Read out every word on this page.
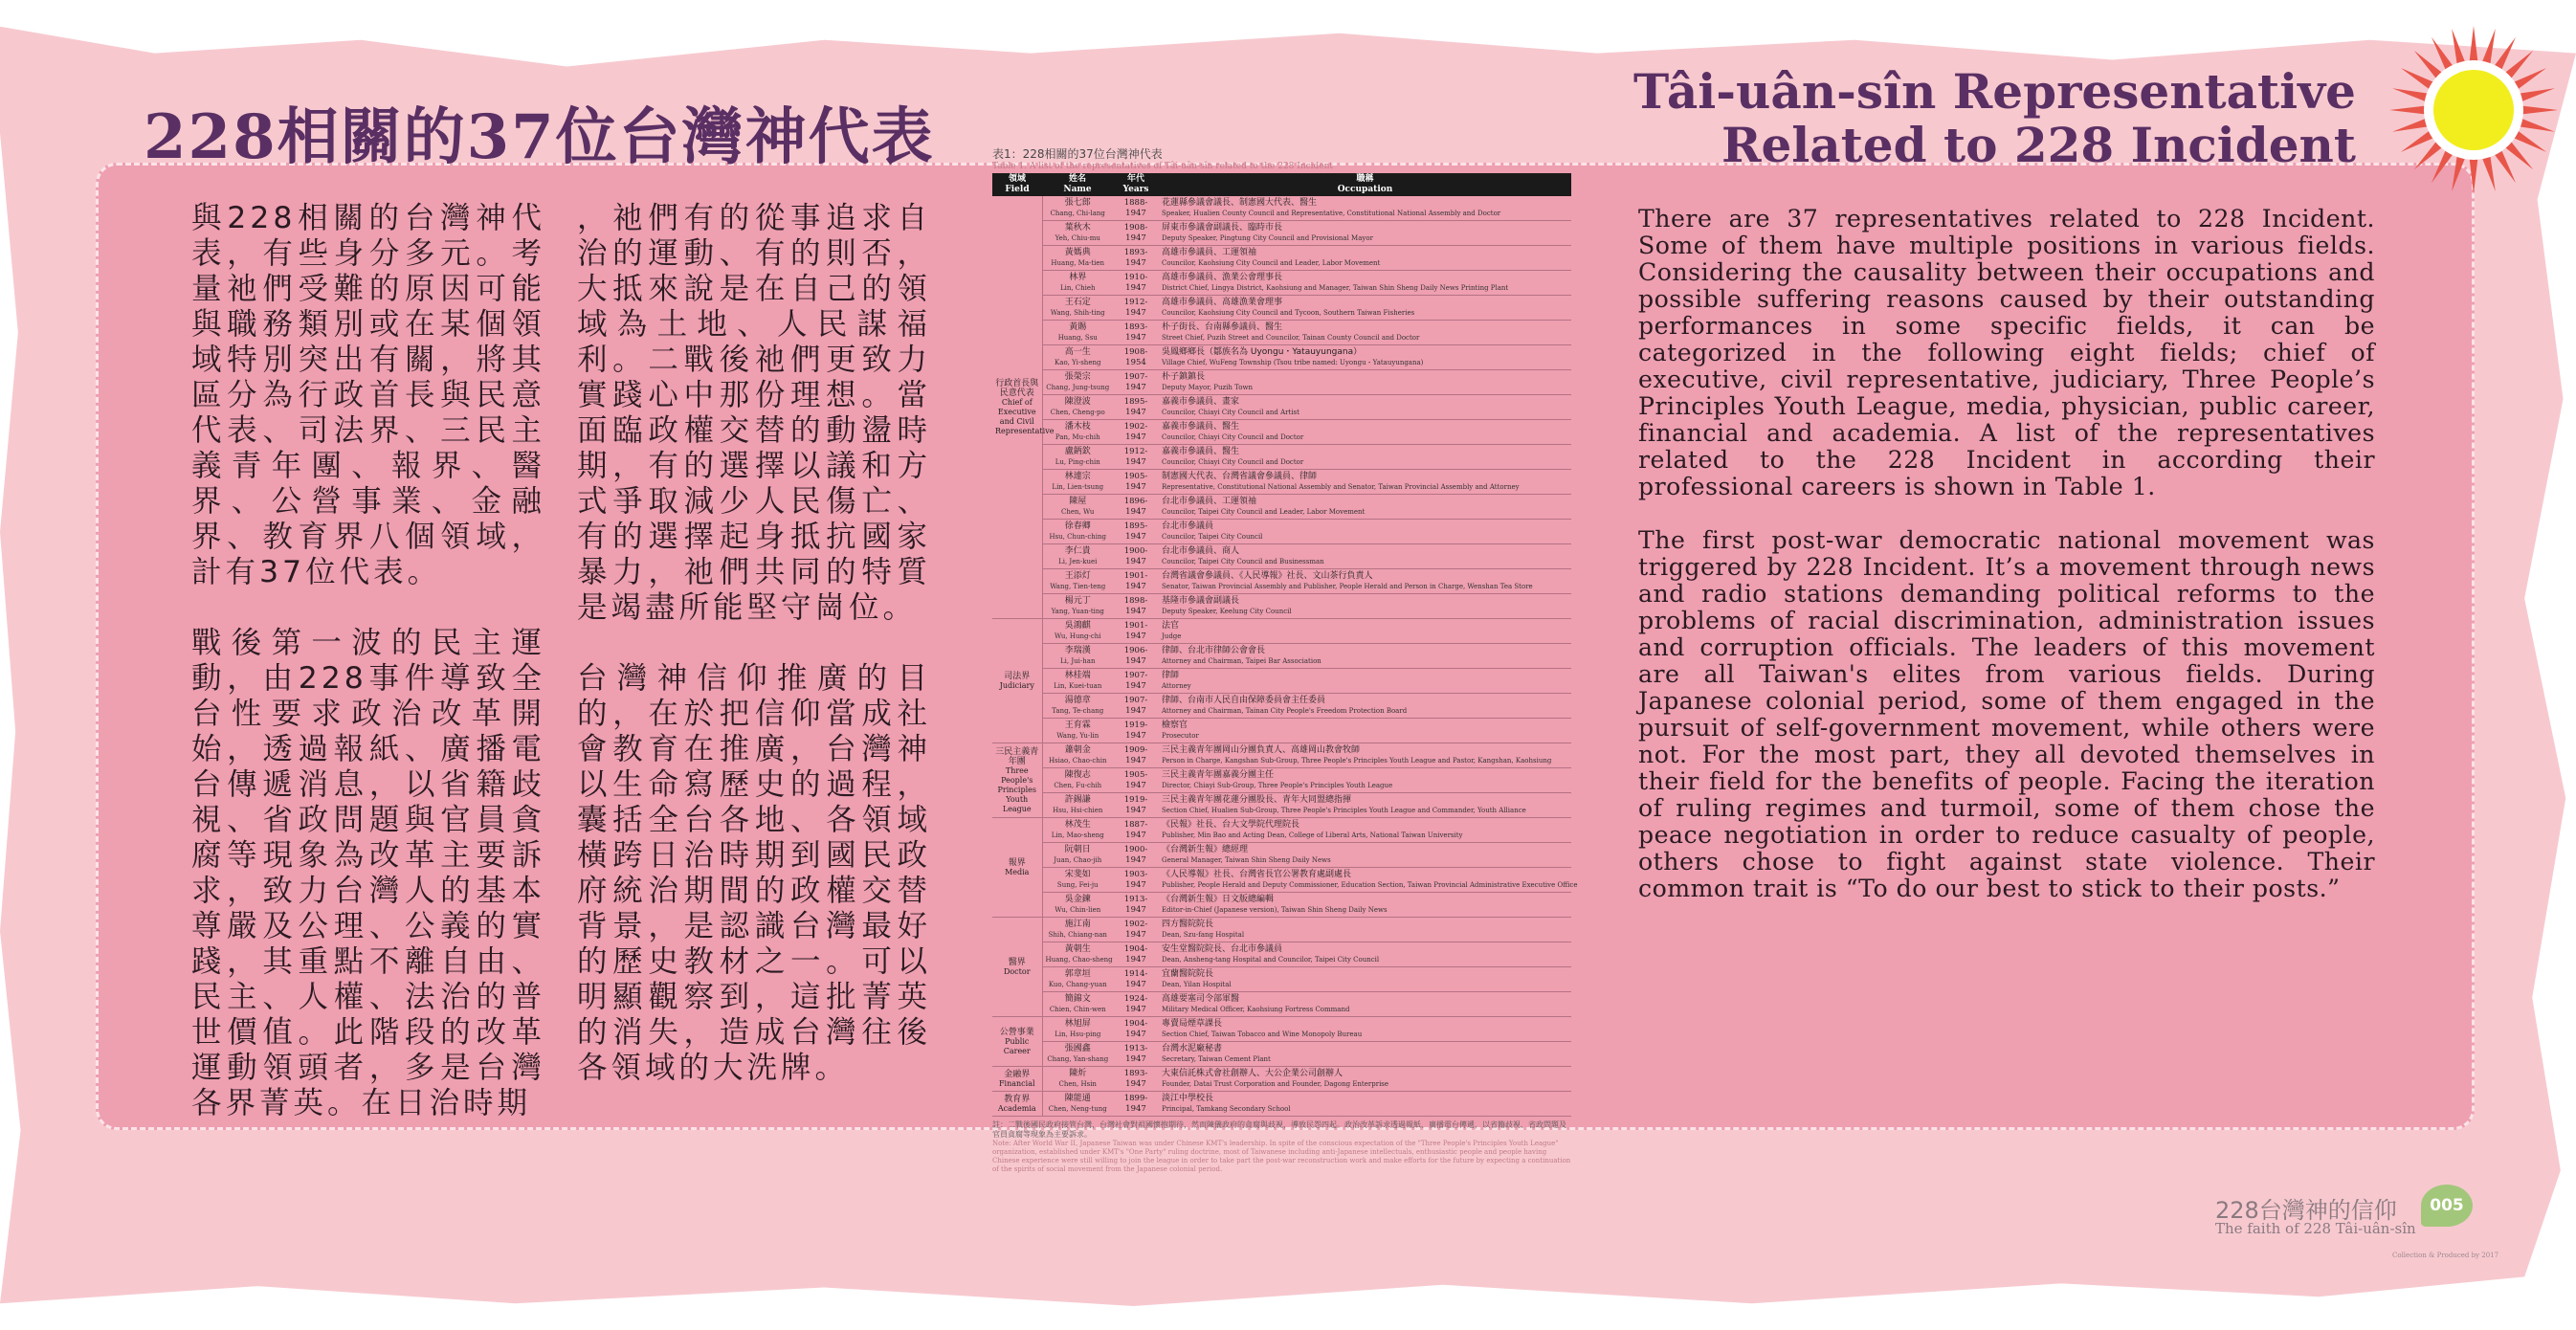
228相關的37位台灣神代表
Tâi-uân-sîn Representative
Related to 228 Incident

與228相關的台灣神代表，有些身分多元。考量祂們受難的原因可能與職務類別或在某個領域特別突出有關，將其區分為行政首長與民意代表、司法界、三民主義青年團、報界、醫界、公營事業、金融界、教育界八個領域，計有37位代表。

戰後第一波的民主運動，由228事件導致全台性要求政治改革開始，透過報紙、廣播電台傳遞消息，以省籍歧視、省政問題與官員貪腐等現象為改革主要訴求，致力台灣人的基本尊嚴及公理、公義的實踐，其重點不離自由、民主、人權、法治的普世價值。此階段的改革運動領頭者，多是台灣各界菁英。在日治時期

，祂們有的從事追求自治的運動、有的則否，大抵來說是在自己的領域為土地、人民謀福利。二戰後祂們更致力實踐心中那份理想。當面臨政權交替的動盪時期，有的選擇以議和方式爭取減少人民傷亡、有的選擇起身抵抗國家暴力，祂們共同的特質是竭盡所能堅守崗位。

台灣神信仰推廣的目的，在於把信仰當成社會教育在推廣，台灣神以生命寫歷史的過程，囊括全台各地、各領域橫跨日治時期到國民政府統治期間的政權交替背景，是認識台灣最好的歷史教材之一。可以明顯觀察到，這批菁英的消失，造成台灣往後各領域的大洗牌。

表1：228相關的37位台灣神代表
Table 1. A list of the representatives of Tâi-uân-sîn related to the 228 Incident
領域
Field	姓名
Name	年代
Years	職稱
Occupation

行政首長與民意代表
Chief of Executive and Civil Representative	張七郎
Chang, Chi-lang	1888-1947	花蓮縣參議會議長、制憲國大代表、醫生
Speaker, Hualien County Council and Representative, Constitutional National Assembly and Doctor

	葉秋木
Yeh, Chiu-mu	1908-1947	屏東市參議會副議長、臨時市長
Deputy Speaker, Pingtung City Council and Provisional Mayor

	黃媽典
Huang, Ma-tien	1893-1947	高雄市參議員、工運領袖
Councilor, Kaohsiung City Council and Leader, Labor Movement

	林界
Lin, Chieh	1910-1947	高雄市參議員、漁業公會理事長
District Chief, Lingya District, Kaohsiung and Manager, Taiwan Shin Sheng Daily News Printing Plant

	王石定
Wang, Shih-ting	1912-1947	高雄市參議員、高雄漁業會理事
Councilor, Kaohsiung City Council and Tycoon, Southern Taiwan Fisheries

	黃賜
Huang, Ssu	1893-1947	朴子街長、台南縣參議員、醫生
Street Chief, Puzih Street and Councilor, Tainan County Council and Doctor

	高一生
Kao, Yi-sheng	1908-1954	吳鳳鄉鄉長（鄒族名為 Uyongu・Yatauyungana）
Village Chief, WuFeng Township (Tsou tribe named: Uyongu・Yatauyungana)

	張榮宗
Chang, Jung-tsung	1907-1947	朴子鎮鎮長
Deputy Mayor, Puzih Town

	陳澄波
Chen, Cheng-po	1895-1947	嘉義市參議員、畫家
Councilor, Chiayi City Council and Artist

	潘木枝
Pan, Mu-chih	1902-1947	嘉義市參議員、醫生
Councilor, Chiayi City Council and Doctor

	盧鈵欽
Lu, Ping-chin	1912-1947	嘉義市參議員、醫生
Councilor, Chiayi City Council and Doctor

	林連宗
Lin, Lien-tsung	1905-1947	制憲國大代表、台灣省議會參議員、律師
Representative, Constitutional National Assembly and Senator, Taiwan Provincial Assembly and Attorney

	陳屋
Chen, Wu	1896-1947	台北市參議員、工運領袖
Councilor, Taipei City Council and Leader, Labor Movement

	徐春卿
Hsu, Chun-ching	1895-1947	台北市參議員
Councilor, Taipei City Council

	李仁貴
Li, Jen-kuei	1900-1947	台北市參議員、商人
Councilor, Taipei City Council and Businessman

	王添灯
Wang, Tien-teng	1901-1947	台灣省議會參議員、《人民導報》社長、文山茶行負責人
Senator, Taiwan Provincial Assembly and Publisher, People Herald and Person in Charge, Wenshan Tea Store

	楊元丁
Yang, Yuan-ting	1898-1947	基隆市參議會副議長
Deputy Speaker, Keelung City Council

司法界
Judiciary	吳鴻麒
Wu, Hung-chi	1901-1947	法官
Judge

	李瑞漢
Li, Jui-han	1906-1947	律師、台北市律師公會會長
Attorney and Chairman, Taipei Bar Association

	林桂端
Lin, Kuei-tuan	1907-1947	律師
Attorney

	湯德章
Tang, Te-chang	1907-1947	律師、台南市人民自由保障委員會主任委員
Attorney and Chairman, Tainan City People's Freedom Protection Board

	王育霖
Wang, Yu-lin	1919-1947	檢察官
Prosecutor

三民主義青年團
Three People's Principles Youth League	蕭朝金
Hsiao, Chao-chin	1909-1947	三民主義青年團岡山分團負責人、高雄岡山教會牧師
Person in Charge, Kangshan Sub-Group, Three People's Principles Youth League and Pastor, Kangshan, Kaohsiung

	陳復志
Chen, Fu-chih	1905-1947	三民主義青年團嘉義分團主任
Director, Chiayi Sub-Group, Three People's Principles Youth League

	許錫謙
Hsu, Hsi-chien	1919-1947	三民主義青年團花蓮分團股長、青年大同盟總指揮
Section Chief, Hualien Sub-Group, Three People's Principles Youth League and Commander, Youth Alliance

報界
Media	林茂生
Lin, Mao-sheng	1887-1947	《民報》社長、台大文學院代理院長
Publisher, Min Bao and Acting Dean, College of Liberal Arts, National Taiwan University

	阮朝日
Juan, Chao-jih	1900-1947	《台灣新生報》總經理
General Manager, Taiwan Shin Sheng Daily News

	宋斐如
Sung, Fei-ju	1903-1947	《人民導報》社長、台灣省長官公署教育處副處長
Publisher, People Herald and Deputy Commissioner, Education Section, Taiwan Provincial Administrative Executive Office

	吳金鍊
Wu, Chin-lien	1913-1947	《台灣新生報》日文版總編輯
Editor-in-Chief (Japanese version), Taiwan Shin Sheng Daily News

醫界
Doctor	施江南
Shih, Chiang-nan	1902-1947	四方醫院院長
Dean, Szu-fang Hospital

	黃朝生
Huang, Chao-sheng	1904-1947	安生堂醫院院長、台北市參議員
Dean, Ansheng-tang Hospital and Councilor, Taipei City Council

	郭章垣
Kuo, Chang-yuan	1914-1947	宜蘭醫院院長
Dean, Yilan Hospital

	簡錦文
Chien, Chin-wen	1924-1947	高雄要塞司令部軍醫
Military Medical Officer, Kaohsiung Fortress Command

公營事業
Public Career	林旭屏
Lin, Hsu-ping	1904-1947	專賣局煙草課長
Section Chief, Taiwan Tobacco and Wine Monopoly Bureau

	張國鑫
Chang, Yan-shang	1913-1947	台灣水泥廠秘書
Secretary, Taiwan Cement Plant

金融界
Financial	陳炘
Chen, Hsin	1893-1947	大東信託株式會社創辦人、大公企業公司創辦人
Founder, Datai Trust Corporation and Founder, Dagong Enterprise

教育界
Academia	陳能通
Chen, Neng-tung	1899-1947	淡江中學校長
Principal, Tamkang Secondary School
註：二戰後國民政府接管台灣，台灣社會對祖國懷抱期待，然而陳儀政府的貪腐與歧視，導致民怨四起。政治改革訴求透過報紙、廣播電台傳遞，以省籍歧視、省政問題及官員貪腐等現象為主要訴求。
Note: After World War II, Japanese Taiwan was under Chinese KMT's leadership. In spite of the conscious expectation of the "Three People's Principles Youth League" organization, established under KMT's "One Party" ruling doctrine, most of Taiwanese including anti-Japanese intellectuals, enthusiastic people and people having Chinese experience were still willing to join the league in order to take part the post-war reconstruction work and make efforts for the future by expecting a continuation of the spirits of social movement from the Japanese colonial period.

There are 37 representatives related to 228 Incident. Some of them have multiple positions in various fields. Considering the causality between their occupations and possible suffering reasons caused by their outstanding performances in some specific fields, it can be categorized in the following eight fields; chief of executive, civil representative, judiciary, Three People’s Principles Youth League, media, physician, public career, financial and academia. A list of the representatives related to the 228 Incident in according their professional careers is shown in Table 1.

The first post-war democratic national movement was triggered by 228 Incident. It’s a movement through news and radio stations demanding political reforms to the problems of racial discrimination, administration issues and corruption officials. The leaders of this movement are all Taiwan's elites from various fields. During Japanese colonial period, some of them engaged in the pursuit of self-government movement, while others were not. For the most part, they all devoted themselves in their field for the benefits of people. Facing the iteration of ruling regimes and turmoil, some of them chose the peace negotiation in order to reduce casualty of people, others chose to fight against state violence. Their common trait is “To do our best to stick to their posts.”

228台灣神的信仰
The faith of 228 Tâi-uân-sîn
005
Collection & Produced by 2017
